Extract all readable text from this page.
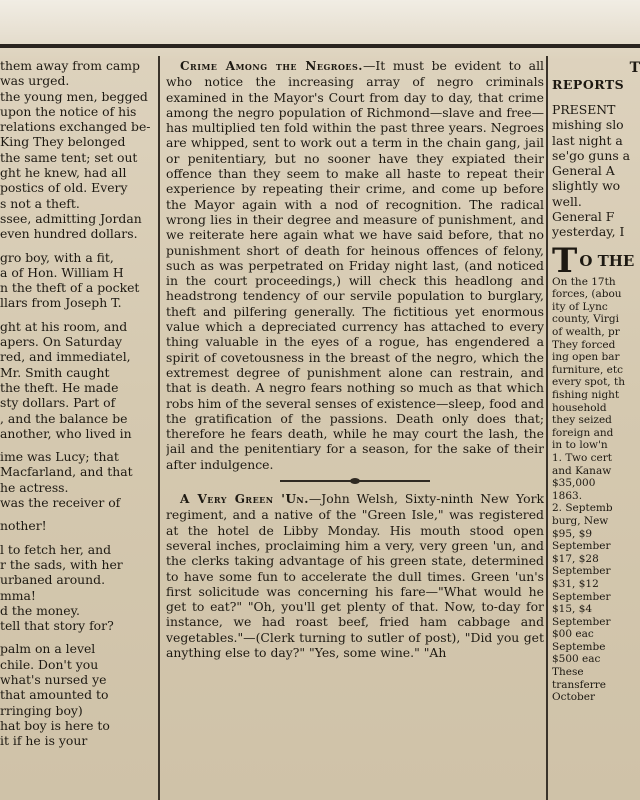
them away from camp
was urged.
the young men, begged
upon the notice of his
relations exchanged be-
King They belonged
the same tent; set out
ght he knew, had all
postics of old. Every
s not a theft.
ssee, admitting Jordan
even hundred dollars.
gro boy, with a fit,
a of Hon. William H
n the theft of a pocket
llars from Joseph T.
ght at his room, and
apers. On Saturday
red, and immediatel,
Mr. Smith caught
the theft. He made
sty dollars. Part of
, and the balance be
another, who lived in
ime was Lucy; that
Macfarland, and that
he actress.
was the receiver of
nother!
l to fetch her, and
r the sads, with her
urbaned around.
mma!
d the money.
tell that story for?
palm on a level
chile. Don't you
what's nursed ye
that amounted to
rringing boy)
hat boy is here to
it if he is your

Crime Among the Negroes.—It must be evident to all who notice the increasing array of negro criminals examined in the Mayor's Court from day to day, that crime among the negro population of Richmond—slave and free—has multiplied ten fold within the past three years. Negroes are whipped, sent to work out a term in the chain gang, jail or penitentiary, but no sooner have they expiated their offence than they seem to make all haste to repeat their experience by repeating their crime, and come up before the Mayor again with a nod of recognition. The radical wrong lies in their degree and measure of punishment, and we reiterate here again what we have said before, that no punishment short of death for heinous offences of felony, such as was perpetrated on Friday night last, (and noticed in the court proceedings,) will check this headlong and headstrong tendency of our servile population to burglary, theft and pilfering generally. The fictitious yet enormous value which a depreciated currency has attached to every thing valuable in the eyes of a rogue, has engendered a spirit of covetousness in the breast of the negro, which the extremest degree of punishment alone can restrain, and that is death. A negro fears nothing so much as that which robs him of the several senses of existence—sleep, food and the gratification of the passions. Death only does that; therefore he fears death, while he may court the lash, the jail and the penitentiary for a season, for the sake of their after indulgence.

A Very Green 'Un.—John Welsh, Sixty-ninth New York regiment, and a native of the "Green Isle," was registered at the hotel de Libby Monday. His mouth stood open several inches, proclaiming him a very, very green 'un, and the clerks taking advantage of his green state, determined to have some fun to accelerate the dull times. Green 'un's first solicitude was concerning his fare—"What would he get to eat?" "Oh, you'll get plenty of that. Now, to-day for instance, we had roast beef, fried ham cabbage and vegetables."—(Clerk turning to sutler of post), "Did you get anything else to day?" "Yes, some wine." "Ah

T
REPORTS
PRESENT
mishing slo
last night a
se'go guns a
General A
slightly wo
well.
General F
yesterday, I
T O THE
On the 17th
forces, (abou
ity of Lync
county, Virgi
of wealth, pr
They forced
ing open bar
furniture, etc
every spot, th
fishing night
household
they seized
foreign and
in to low'n
1. Two cert
and Kanaw
$35,000
1863.
2. Septemb
burg, New
$95, $9
September
$17, $28
September
$31, $12
September
$15, $4
September
$00 eac
Septembe
$500 eac
These
transferre
October
